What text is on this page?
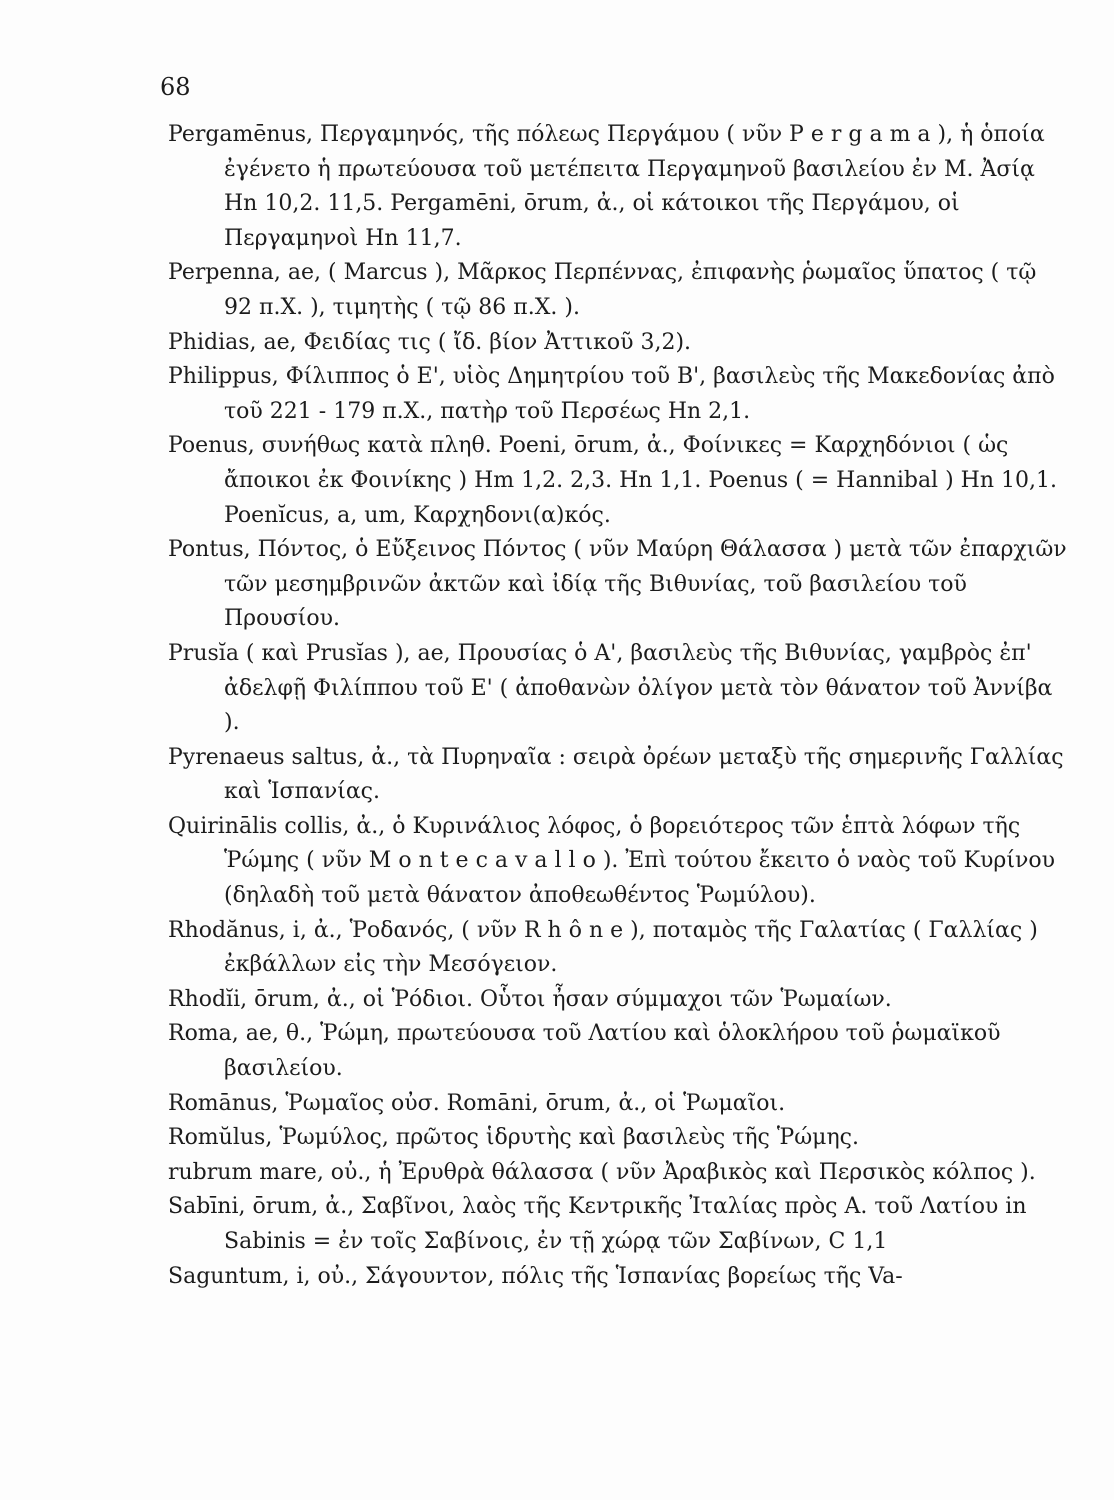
68
Pergamēnus, Περγαμηνός, τῆς πόλεως Περγάμου ( νῦν P e r g a m a ), ἡ ὁποία ἐγένετο ἡ πρωτεύουσα τοῦ μετέπειτα Περγαμηνοῦ βασιλείου ἐν Μ. Ἀσίᾳ Hn 10,2. 11,5. Pergamēni, ōrum, ἀ., οἱ κάτοικοι τῆς Περγάμου, οἱ Περγαμηνοὶ Hn 11,7.
Perpenna, ae, ( Marcus ), Μᾶρκος Περπέννας, ἐπιφανὴς ῥωμαῖος ὕπατος ( τῷ 92 π.Χ. ), τιμητὴς ( τῷ 86 π.Χ. ).
Phidias, ae, Φειδίας τις ( ἴδ. βίον Ἀττικοῦ 3,2).
Philippus, Φίλιππος ὁ Ε', υἱὸς Δημητρίου τοῦ Β', βασιλεὺς τῆς Μακεδονίας ἀπὸ τοῦ 221 - 179 π.Χ., πατὴρ τοῦ Περσέως Hn 2,1.
Poenus, συνήθως κατὰ πληθ. Poeni, ōrum, ἀ., Φοίνικες = Καρχηδόνιοι ( ὡς ἄποικοι ἐκ Φοινίκης ) Hm 1,2. 2,3. Hn 1,1. Poenus ( = Hannibal ) Hn 10,1. Poenĭcus, a, um, Καρχηδονι(α)κός.
Pontus, Πόντος, ὁ Εὔξεινος Πόντος ( νῦν Μαύρη Θάλασσα ) μετὰ τῶν ἐπαρχιῶν τῶν μεσημβρινῶν ἀκτῶν καὶ ἰδίᾳ τῆς Βιθυνίας, τοῦ βασιλείου τοῦ Προυσίου.
Prusĭa ( καὶ Prusĭas ), ae, Προυσίας ὁ Α', βασιλεὺς τῆς Βιθυνίας, γαμβρὸς ἐπ' ἀδελφῇ Φιλίππου τοῦ Ε' ( ἀποθανὼν ὀλίγον μετὰ τὸν θάνατον τοῦ Ἀννίβα ).
Pyrenaeus saltus, ἀ., τὰ Πυρηναῖα : σειρὰ ὀρέων μεταξὺ τῆς σημερινῆς Γαλλίας καὶ Ἱσπανίας.
Quirinālis collis, ἀ., ὁ Κυρινάλιος λόφος, ὁ βορειότερος τῶν ἑπτὰ λόφων τῆς Ῥώμης ( νῦν M o n t e c a v a l l o ). Ἐπὶ τούτου ἔκειτο ὁ ναὸς τοῦ Κυρίνου (δηλαδὴ τοῦ μετὰ θάνατον ἀποθεωθέντος Ῥωμύλου).
Rhodănus, i, ἀ., Ῥοδανός, ( νῦν R h ô n e ), ποταμὸς τῆς Γαλατίας ( Γαλλίας ) ἐκβάλλων εἰς τὴν Μεσόγειον.
Rhodĭi, ōrum, ἀ., οἱ Ῥόδιοι. Οὗτοι ἦσαν σύμμαχοι τῶν Ῥωμαίων.
Roma, ae, θ., Ῥώμη, πρωτεύουσα τοῦ Λατίου καὶ ὁλοκλήρου τοῦ ῥωμαϊκοῦ βασιλείου.
Romānus, Ῥωμαῖος οὐσ. Romāni, ōrum, ἀ., οἱ Ῥωμαῖοι.
Romŭlus, Ῥωμύλος, πρῶτος ἱδρυτὴς καὶ βασιλεὺς τῆς Ῥώμης.
rubrum mare, οὐ., ἡ Ἐρυθρὰ θάλασσα ( νῦν Ἀραβικὸς καὶ Περσικὸς κόλπος ).
Sabīni, ōrum, ἀ., Σαβῖνοι, λαὸς τῆς Κεντρικῆς Ἰταλίας πρὸς Α. τοῦ Λατίου in Sabinis = ἐν τοῖς Σαβίνοις, ἐν τῇ χώρᾳ τῶν Σαβίνων, C 1,1
Saguntum, i, οὐ., Σάγουντον, πόλις τῆς Ἱσπανίας βορείως τῆς Va-
